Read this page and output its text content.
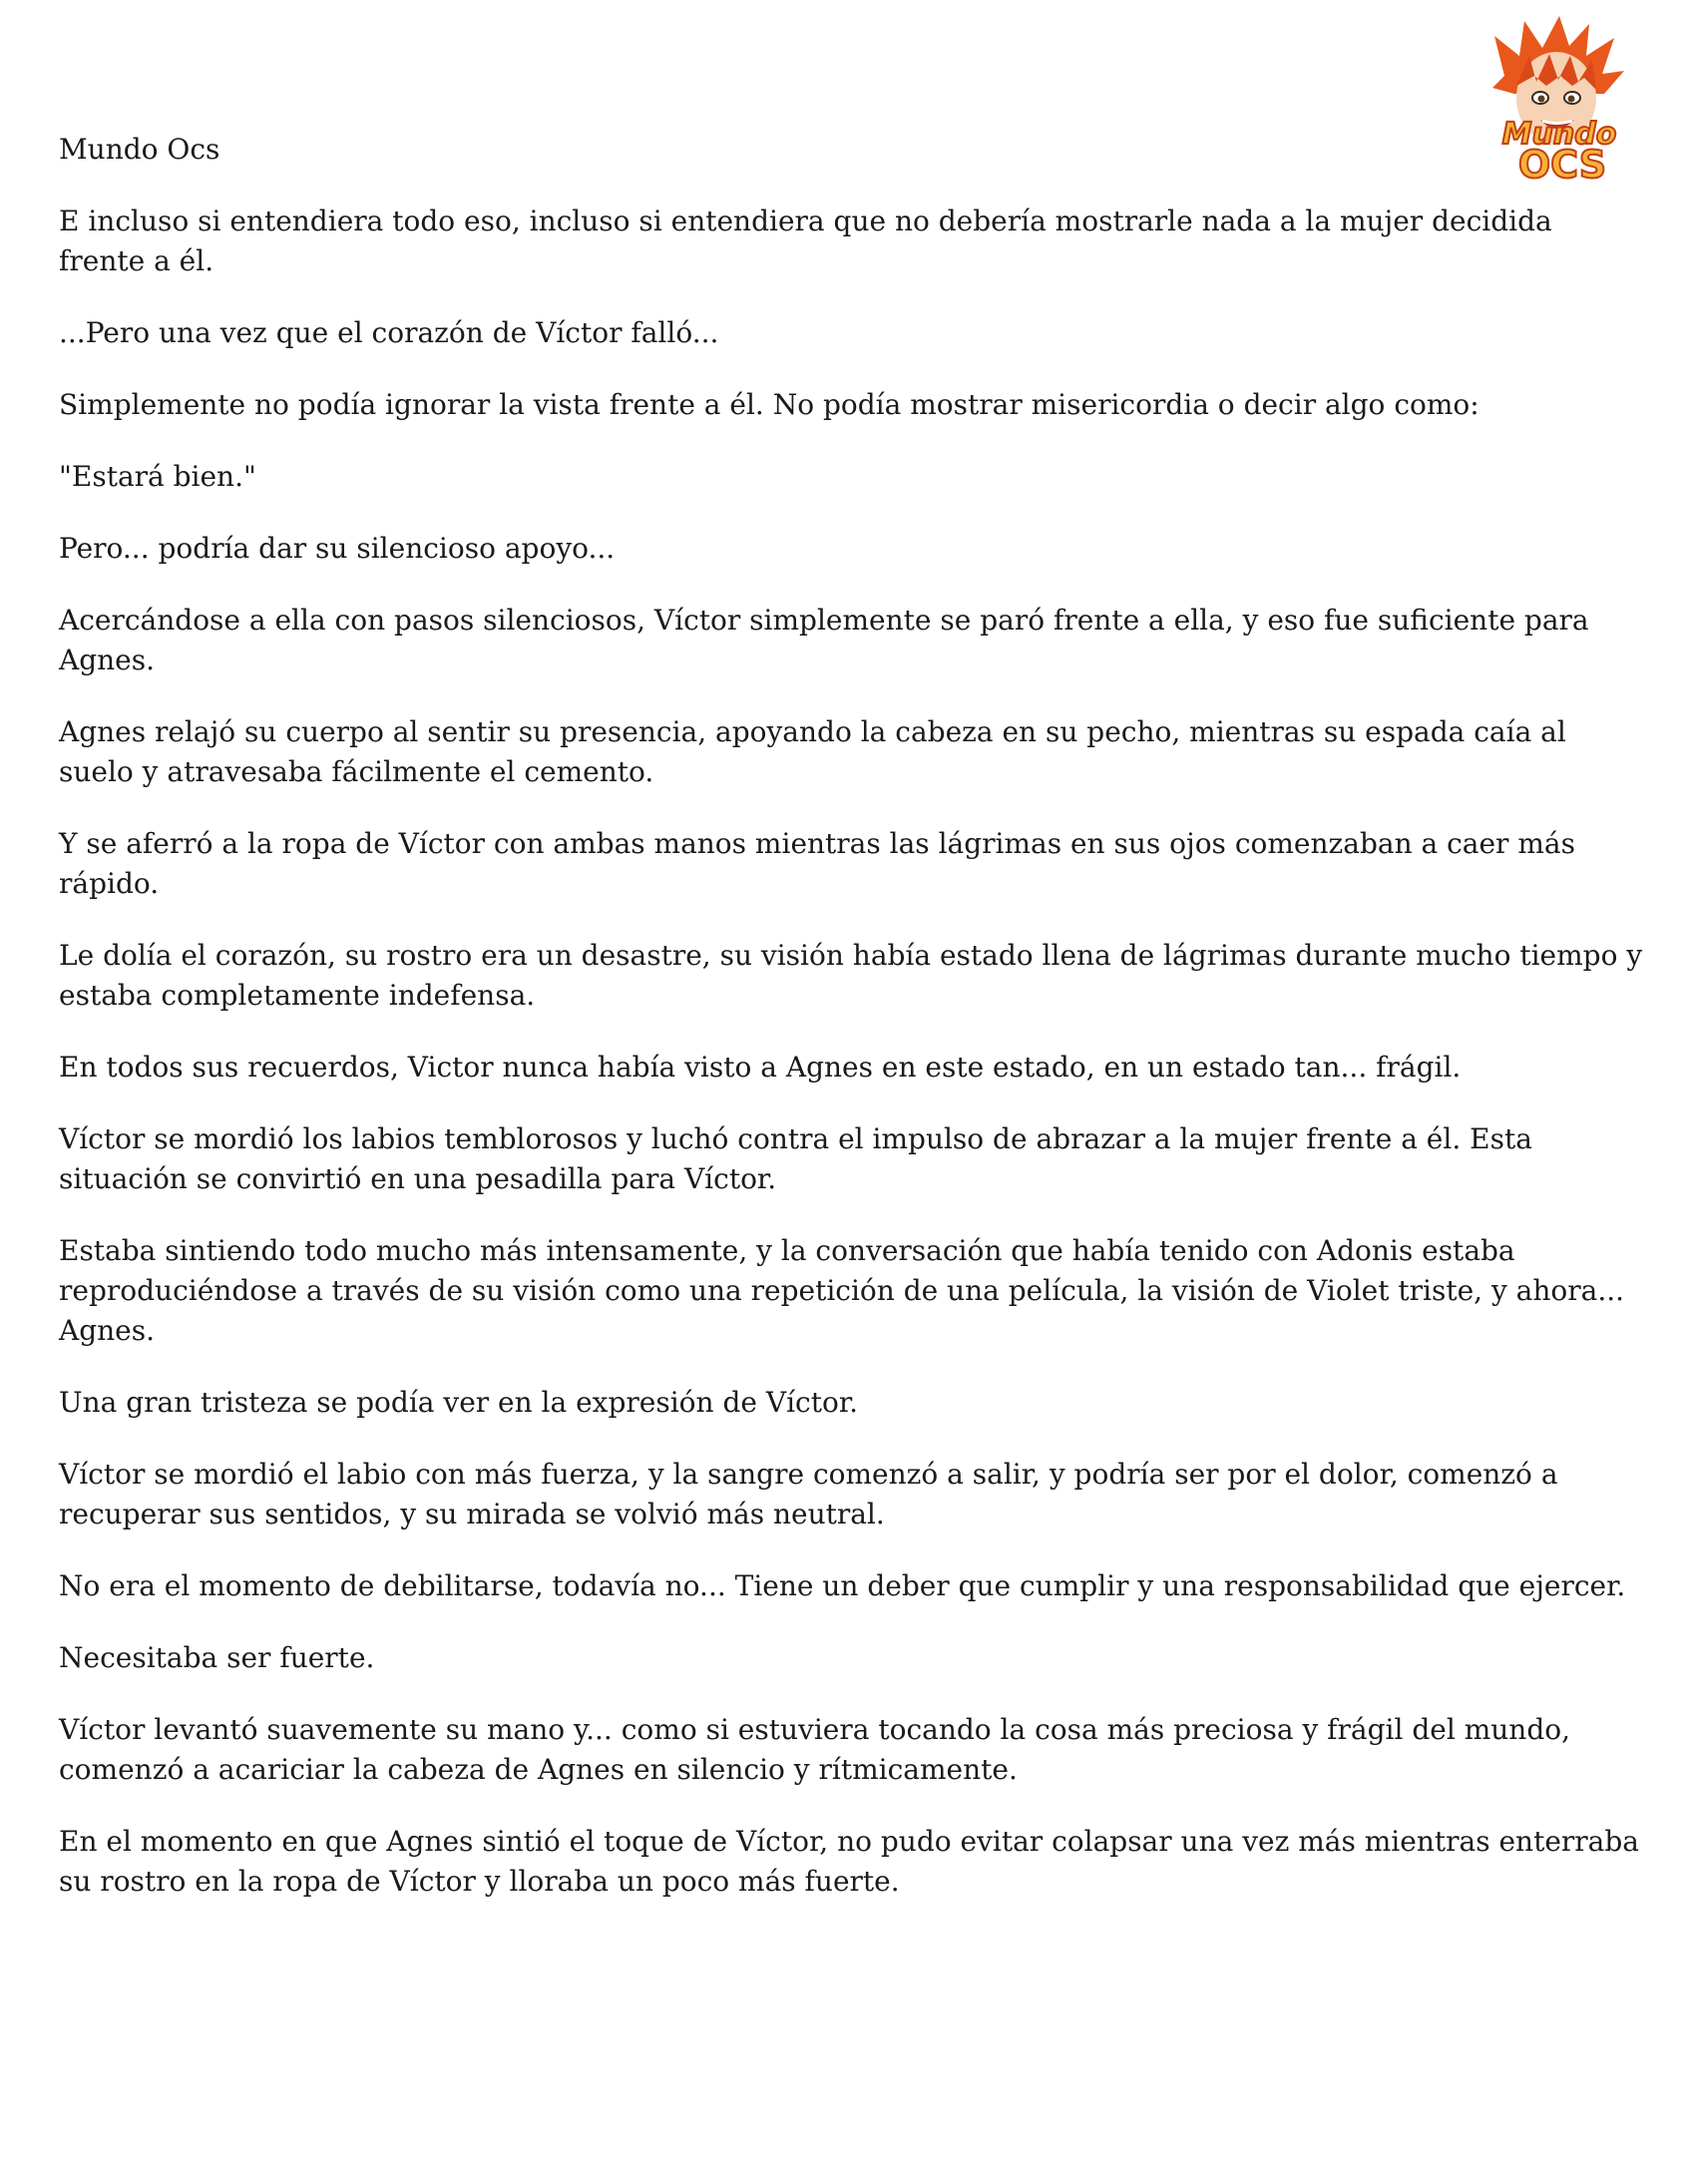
Mundo
OCS

Mundo Ocs

E incluso si entendiera todo eso, incluso si entendiera que no debería mostrarle nada a la mujer decidida frente a él.

...Pero una vez que el corazón de Víctor falló...

Simplemente no podía ignorar la vista frente a él. No podía mostrar misericordia o decir algo como:

"Estará bien."

Pero... podría dar su silencioso apoyo...

Acercándose a ella con pasos silenciosos, Víctor simplemente se paró frente a ella, y eso fue suficiente para Agnes.

Agnes relajó su cuerpo al sentir su presencia, apoyando la cabeza en su pecho, mientras su espada caía al suelo y atravesaba fácilmente el cemento.

Y se aferró a la ropa de Víctor con ambas manos mientras las lágrimas en sus ojos comenzaban a caer más rápido.

Le dolía el corazón, su rostro era un desastre, su visión había estado llena de lágrimas durante mucho tiempo y estaba completamente indefensa.

En todos sus recuerdos, Victor nunca había visto a Agnes en este estado, en un estado tan... frágil.

Víctor se mordió los labios temblorosos y luchó contra el impulso de abrazar a la mujer frente a él. Esta situación se convirtió en una pesadilla para Víctor.

Estaba sintiendo todo mucho más intensamente, y la conversación que había tenido con Adonis estaba reproduciéndose a través de su visión como una repetición de una película, la visión de Violet triste, y ahora... Agnes.

Una gran tristeza se podía ver en la expresión de Víctor.

Víctor se mordió el labio con más fuerza, y la sangre comenzó a salir, y podría ser por el dolor, comenzó a recuperar sus sentidos, y su mirada se volvió más neutral.

No era el momento de debilitarse, todavía no... Tiene un deber que cumplir y una responsabilidad que ejercer.

Necesitaba ser fuerte.

Víctor levantó suavemente su mano y... como si estuviera tocando la cosa más preciosa y frágil del mundo, comenzó a acariciar la cabeza de Agnes en silencio y rítmicamente.

En el momento en que Agnes sintió el toque de Víctor, no pudo evitar colapsar una vez más mientras enterraba su rostro en la ropa de Víctor y lloraba un poco más fuerte.
